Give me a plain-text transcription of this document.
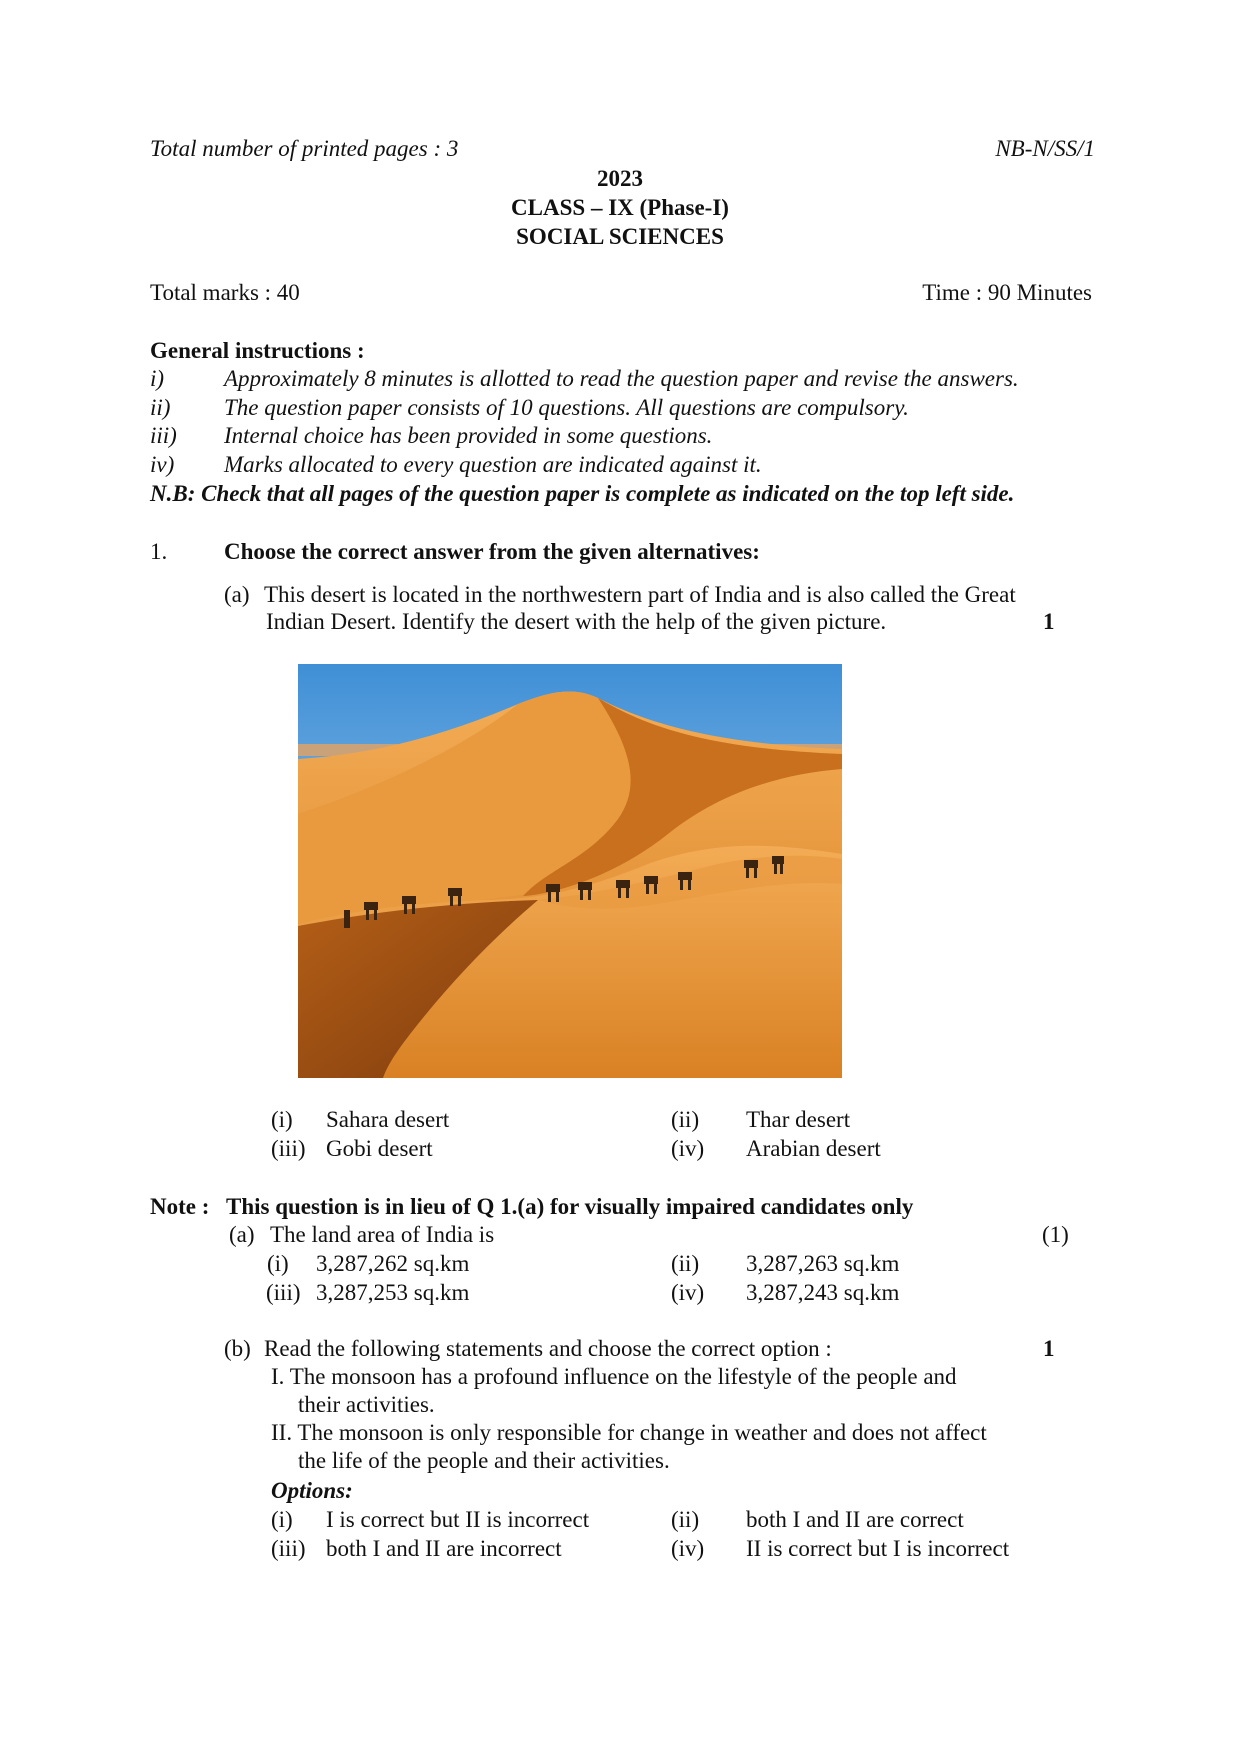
Total number of printed pages : 3	NB-N/SS/1
2023
CLASS – IX (Phase-I)
SOCIAL SCIENCES
Total marks : 40	Time : 90 Minutes
General instructions :
i)	Approximately 8 minutes is allotted to read the question paper and revise the answers.
ii) The question paper consists of 10 questions. All questions are compulsory.
iii) Internal choice has been provided in some questions.
iv) Marks allocated to every question are indicated against it.
N.B: Check that all pages of the question paper is complete as indicated on the top left side.
1. Choose the correct answer from the given alternatives:
(a) This desert is located in the northwestern part of India and is also called the Great
Indian Desert. Identify the desert with the help of the given picture.	1
(i) Sahara desert	(ii) Thar desert
(iii) Gobi desert	(iv) Arabian desert
Note : This question is in lieu of Q 1.(a) for visually impaired candidates only
(a) The land area of India is	(1)
(i) 3,287,262 sq.km	(ii) 3,287,263 sq.km
(iii) 3,287,253 sq.km	(iv) 3,287,243 sq.km
(b) Read the following statements and choose the correct option :	1
I. The monsoon has a profound influence on the lifestyle of the people and
their activities.
II. The monsoon is only responsible for change in weather and does not affect
the life of the people and their activities.
Options:
(i) I is correct but II is incorrect	(ii) both I and II are correct
(iii) both I and II are incorrect	(iv) II is correct but I is incorrect
